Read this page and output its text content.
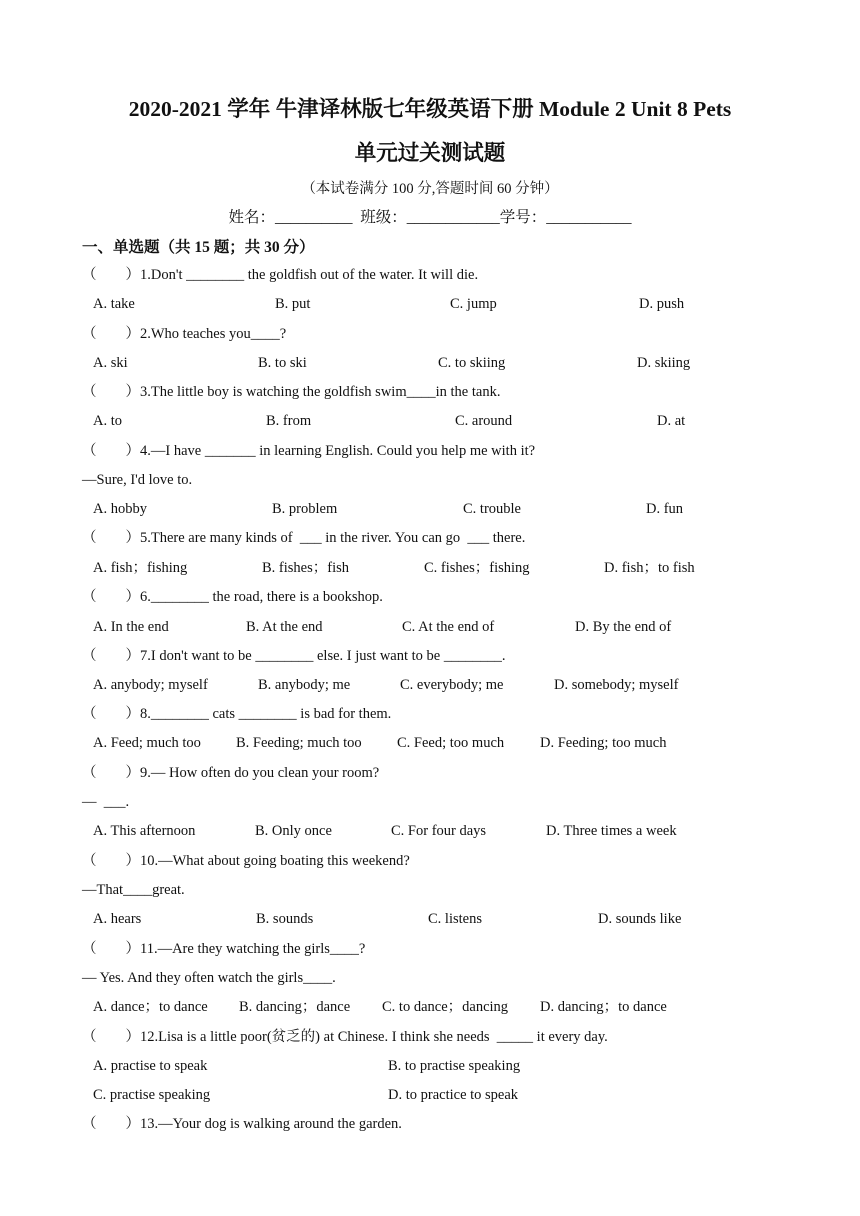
2020-2021 学年 牛津译林版七年级英语下册 Module 2 Unit 8 Pets
单元过关测试题
（本试卷满分 100 分,答题时间 60 分钟）
姓名：__________  班级：____________学号：___________
一、单选题（共 15 题；共 30 分）
（        ）1.Don't ________ the goldfish out of the water. It will die.
A. take	B. put	C. jump	D. push
（        ）2.Who teaches you____?
A. ski	B. to ski	C. to skiing	D. skiing
（        ）3.The little boy is watching the goldfish swim____in the tank.
A. to	B. from	C. around	D. at
（        ）4.—I have _______ in learning English. Could you help me with it?
—Sure, I'd love to.
A. hobby	B. problem	C. trouble	D. fun
（        ）5.There are many kinds of  ___ in the river. You can go  ___ there.
A. fish；fishing	B. fishes；fish	C. fishes；fishing	D. fish；to fish
（        ）6.________ the road, there is a bookshop.
A. In the end	B. At the end	C. At the end of	D. By the end of
（        ）7.I don't want to be ________ else. I just want to be ________.
A. anybody; myself	B. anybody; me	C. everybody; me	D. somebody; myself
（        ）8.________ cats ________ is bad for them.
A. Feed; much too B. Feeding; much too C. Feed; too much D. Feeding; too much
（        ）9.— How often do you clean your room?
—  ___.
A. This afternoon	B. Only once	C. For four days	D. Three times a week
（        ）10.—What about going boating this weekend?
—That____great.
A. hears	B. sounds	C. listens	D. sounds like
（        ）11.—Are they watching the girls____?
— Yes. And they often watch the girls____.
A. dance；to dance B. dancing；dance C. to dance；dancing D. dancing；to dance
（        ）12.Lisa is a little poor(贫乏的) at Chinese. I think she needs  _____ it every day.
A. practise to speak	B. to practise speaking
C. practise speaking	D. to practice to speak
（        ）13.—Your dog is walking around the garden.
